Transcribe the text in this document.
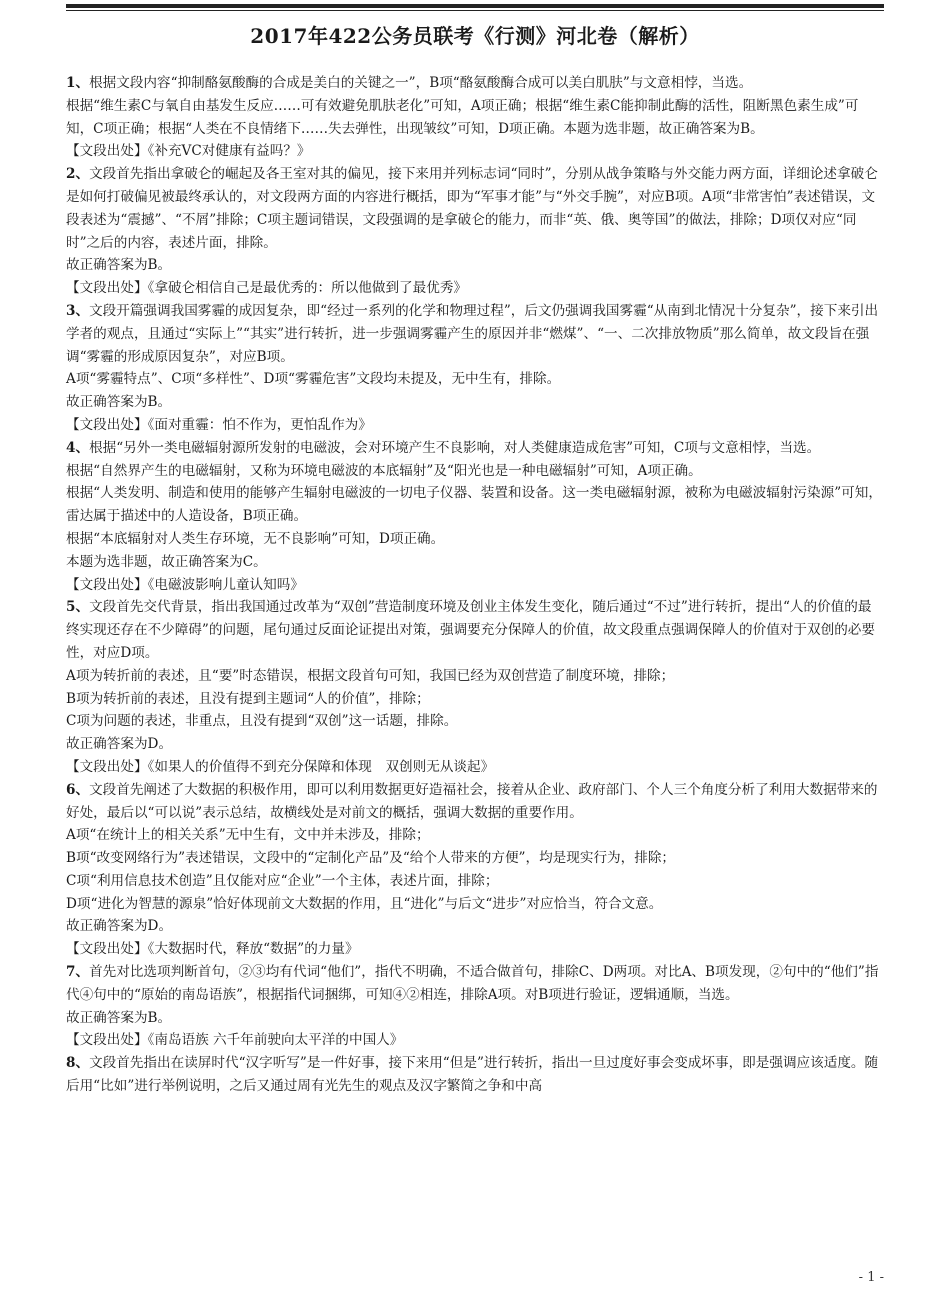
2017年422公务员联考《行测》河北卷（解析）

1、根据文段内容“抑制酪氨酸酶的合成是美白的关键之一”，B项“酪氨酸酶合成可以美白肌肤”与文意相悖，当选。

根据“维生素C与氧自由基发生反应……可有效避免肌肤老化”可知，A项正确；根据“维生素C能抑制此酶的活性，阻断黑色素生成”可知，C项正确；根据“人类在不良情绪下……失去弹性，出现皱纹”可知，D项正确。本题为选非题，故正确答案为B。

【文段出处】《补充VC对健康有益吗？》

2、文段首先指出拿破仑的崛起及各王室对其的偏见，接下来用并列标志词“同时”，分别从战争策略与外交能力两方面，详细论述拿破仑是如何打破偏见被最终承认的，对文段两方面的内容进行概括，即为“军事才能”与“外交手腕”，对应B项。A项“非常害怕”表述错误，文段表述为“震撼”、“不屑”排除；C项主题词错误，文段强调的是拿破仑的能力，而非“英、俄、奥等国”的做法，排除；D项仅对应“同时”之后的内容，表述片面，排除。

故正确答案为B。

【文段出处】《拿破仑相信自己是最优秀的：所以他做到了最优秀》

3、文段开篇强调我国雾霾的成因复杂，即“经过一系列的化学和物理过程”，后文仍强调我国雾霾“从南到北情况十分复杂”，接下来引出学者的观点，且通过“实际上”“其实”进行转折，进一步强调雾霾产生的原因并非“燃煤”、“一、二次排放物质”那么简单，故文段旨在强调“雾霾的形成原因复杂”，对应B项。

A项“雾霾特点”、C项“多样性”、D项“雾霾危害”文段均未提及，无中生有，排除。

故正确答案为B。

【文段出处】《面对重霾：怕不作为，更怕乱作为》

4、根据“另外一类电磁辐射源所发射的电磁波，会对环境产生不良影响，对人类健康造成危害”可知，C项与文意相悖，当选。

根据“自然界产生的电磁辐射，又称为环境电磁波的本底辐射”及“阳光也是一种电磁辐射”可知，A项正确。

根据“人类发明、制造和使用的能够产生辐射电磁波的一切电子仪器、装置和设备。这一类电磁辐射源，被称为电磁波辐射污染源”可知，雷达属于描述中的人造设备，B项正确。

根据“本底辐射对人类生存环境，无不良影响”可知，D项正确。

本题为选非题，故正确答案为C。

【文段出处】《电磁波影响儿童认知吗》

5、文段首先交代背景，指出我国通过改革为“双创”营造制度环境及创业主体发生变化，随后通过“不过”进行转折，提出“人的价值的最终实现还存在不少障碍”的问题，尾句通过反面论证提出对策，强调要充分保障人的价值，故文段重点强调保障人的价值对于双创的必要性，对应D项。

A项为转折前的表述，且“要”时态错误，根据文段首句可知，我国已经为双创营造了制度环境，排除；

B项为转折前的表述，且没有提到主题词“人的价值”，排除；

C项为问题的表述，非重点，且没有提到“双创”这一话题，排除。

故正确答案为D。

【文段出处】《如果人的价值得不到充分保障和体现　双创则无从谈起》

6、文段首先阐述了大数据的积极作用，即可以利用数据更好造福社会，接着从企业、政府部门、个人三个角度分析了利用大数据带来的好处，最后以“可以说”表示总结，故横线处是对前文的概括，强调大数据的重要作用。

A项“在统计上的相关关系”无中生有，文中并未涉及，排除；

B项“改变网络行为”表述错误，文段中的“定制化产品”及“给个人带来的方便”，均是现实行为，排除；

C项“利用信息技术创造”且仅能对应“企业”一个主体，表述片面，排除；

D项“进化为智慧的源泉”恰好体现前文大数据的作用，且“进化”与后文“进步”对应恰当，符合文意。

故正确答案为D。

【文段出处】《大数据时代，释放“数据”的力量》

7、首先对比选项判断首句，②③均有代词“他们”，指代不明确，不适合做首句，排除C、D两项。对比A、B项发现，②句中的“他们”指代④句中的“原始的南岛语族”，根据指代词捆绑，可知④②相连，排除A项。对B项进行验证，逻辑通顺，当选。

故正确答案为B。

【文段出处】《南岛语族 六千年前驶向太平洋的中国人》

8、文段首先指出在读屏时代“汉字听写”是一件好事，接下来用“但是”进行转折，指出一旦过度好事会变成坏事，即是强调应该适度。随后用“比如”进行举例说明，之后又通过周有光先生的观点及汉字繁简之争和中高

- 1 -
